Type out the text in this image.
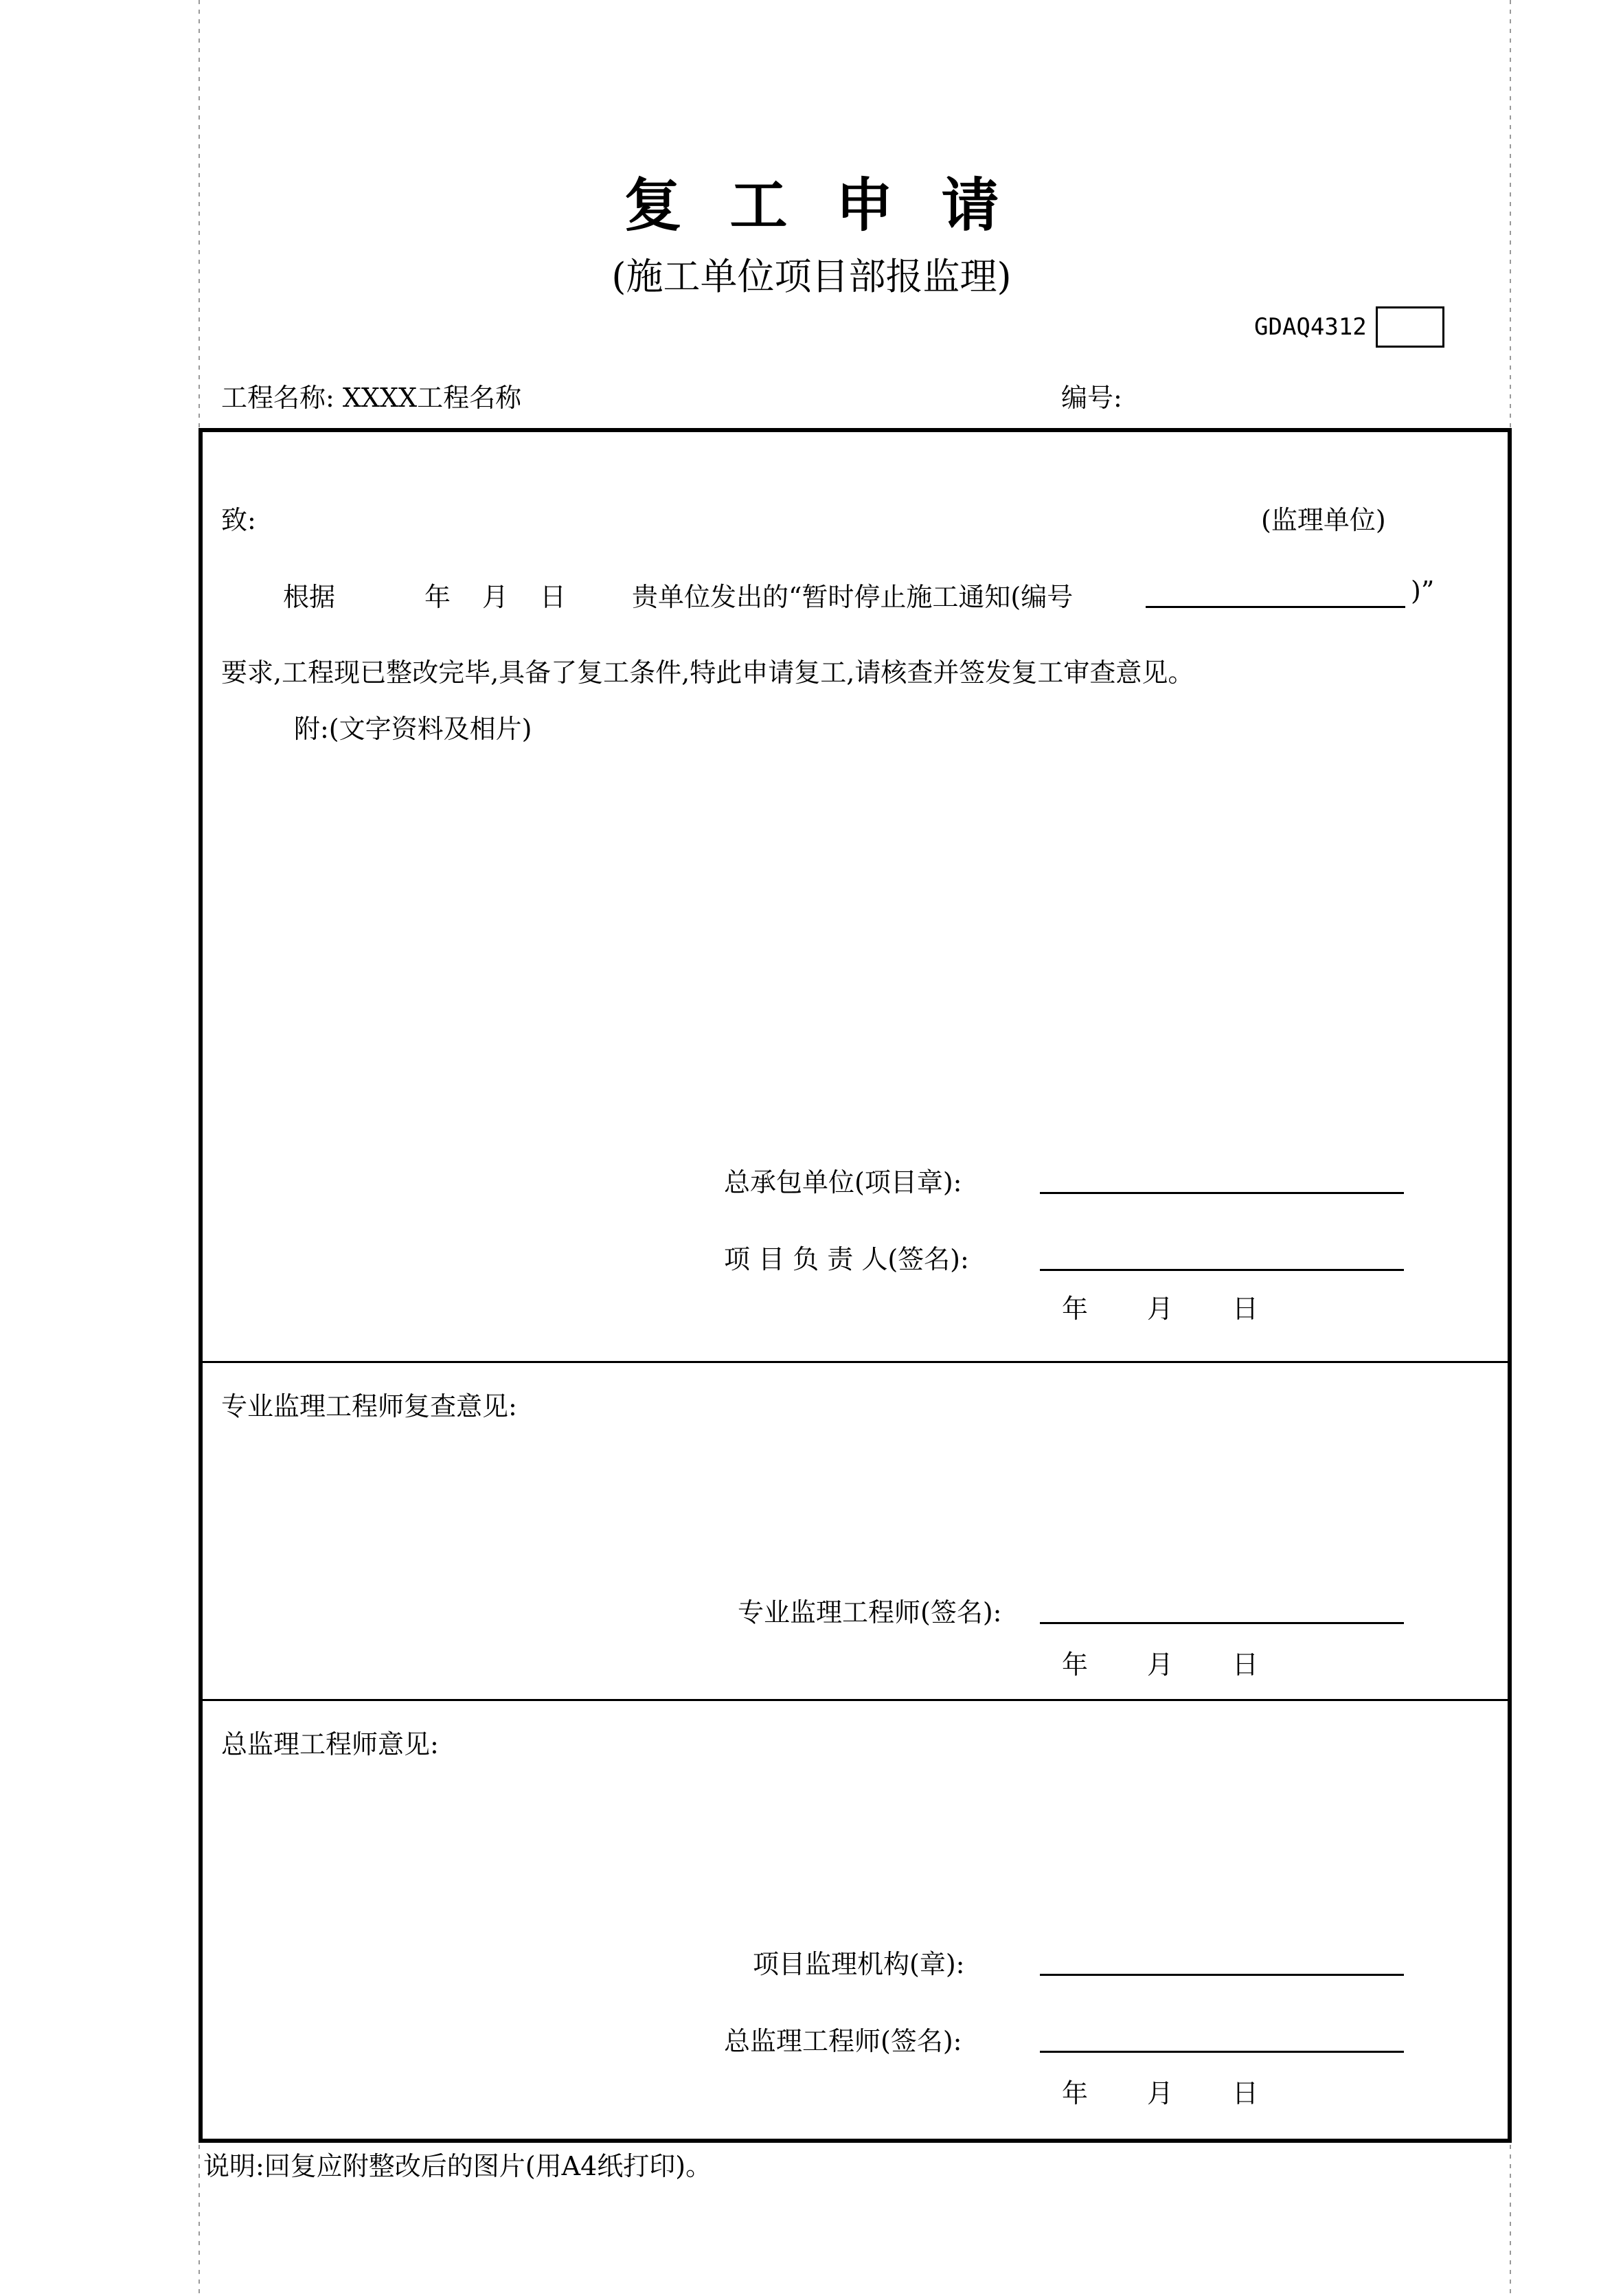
复工申请
(施工单位项目部报监理)
GDAQ4312
工程名称: XXXX工程名称	编号:
致:	(监理单位)
根据	年 月 日	贵单位发出的“暂时停止施工通知(编号	)”
要求,工程现已整改完毕,具备了复工条件,特此申请复工,请核查并签发复工审查意见。
附:(文字资料及相片)
总承包单位(项目章):
项 目 负 责 人(签名):
年 月 日
专业监理工程师复查意见:
专业监理工程师(签名):
年 月 日
总监理工程师意见:
项目监理机构(章):
总监理工程师(签名):
年 月 日
说明:回复应附整改后的图片(用A4纸打印)。
